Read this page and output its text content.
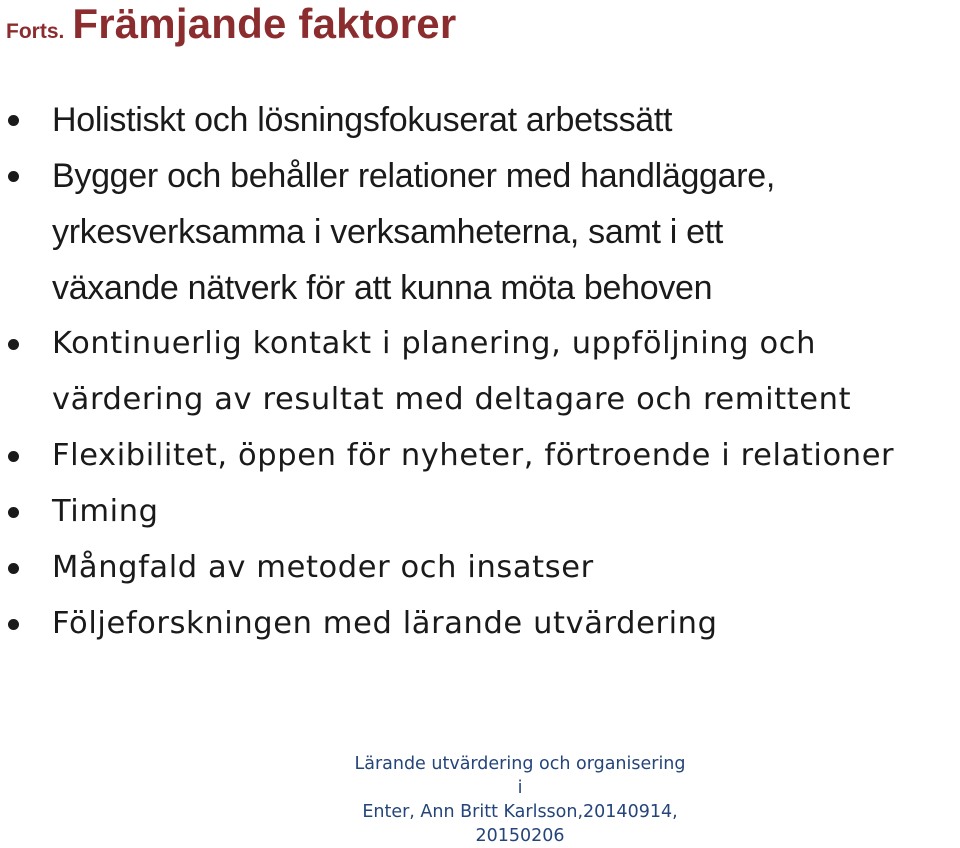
Forts. Främjande faktorer
Holistiskt och lösningsfokuserat arbetssätt
Bygger och behåller relationer med handläggare,
yrkesverksamma i verksamheterna, samt i ett
växande nätverk för att kunna möta behoven
Kontinuerlig kontakt i planering, uppföljning och
värdering av resultat med deltagare och remittent
Flexibilitet, öppen för nyheter, förtroende i relationer
Timing
Mångfald av metoder och insatser
Följeforskningen med lärande utvärdering
Lärande utvärdering och organisering i
Enter, Ann Britt Karlsson,20140914,
20150206
